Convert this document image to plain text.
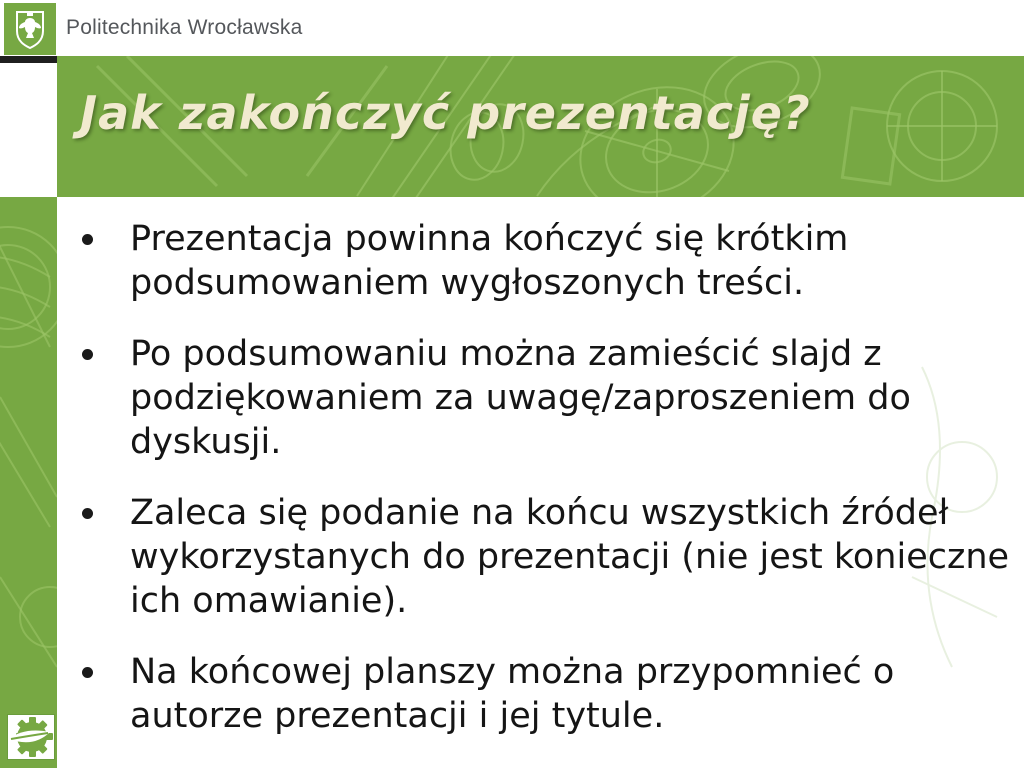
Politechnika Wrocławska
Jak zakończyć prezentację?
Prezentacja powinna kończyć się krótkim podsumowaniem wygłoszonych treści.
Po podsumowaniu można zamieścić slajd z podziękowaniem za uwagę/zaproszeniem do dyskusji.
Zaleca się podanie na końcu wszystkich źródeł wykorzystanych do prezentacji (nie jest konieczne ich omawianie).
Na końcowej planszy można przypomnieć o autorze prezentacji i jej tytule.
